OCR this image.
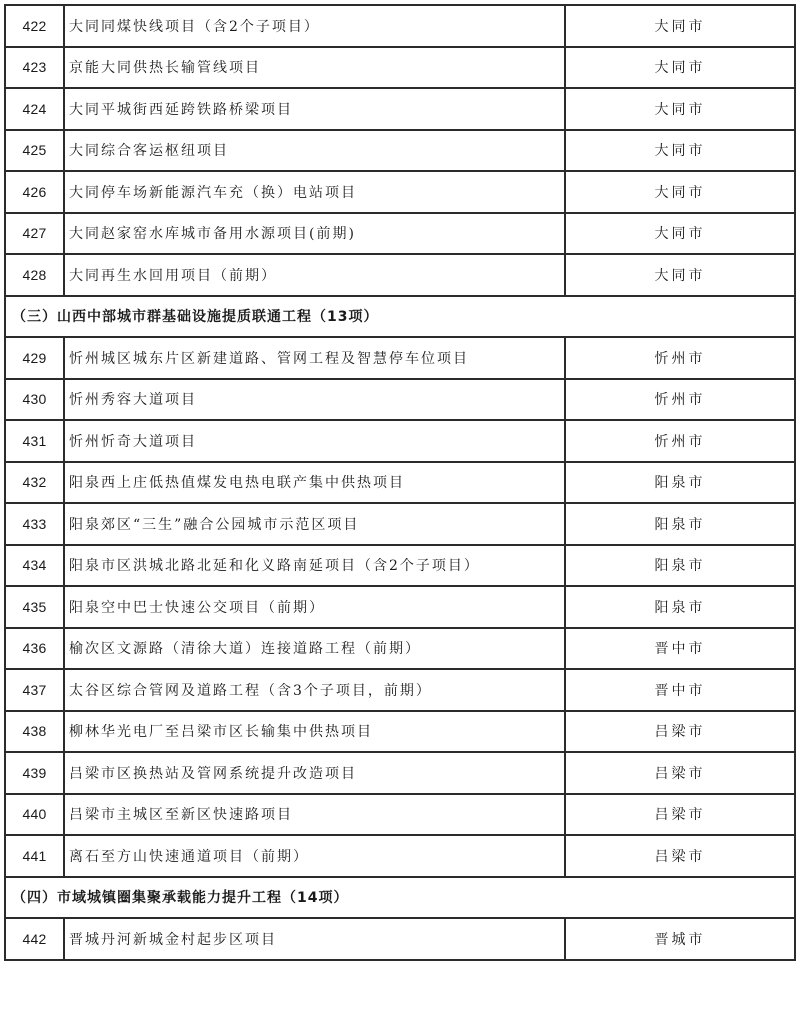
422	大同同煤快线项目（含2个子项目）	大同市
423	京能大同供热长输管线项目	大同市
424	大同平城街西延跨铁路桥梁项目	大同市
425	大同综合客运枢纽项目	大同市
426	大同停车场新能源汽车充（换）电站项目	大同市
427	大同赵家窑水库城市备用水源项目(前期)	大同市
428	大同再生水回用项目（前期）	大同市
（三）山西中部城市群基础设施提质联通工程（13项）		
429	忻州城区城东片区新建道路、管网工程及智慧停车位项目	忻州市
430	忻州秀容大道项目	忻州市
431	忻州忻奇大道项目	忻州市
432	阳泉西上庄低热值煤发电热电联产集中供热项目	阳泉市
433	阳泉郊区“三生”融合公园城市示范区项目	阳泉市
434	阳泉市区洪城北路北延和化义路南延项目（含2个子项目）	阳泉市
435	阳泉空中巴士快速公交项目（前期）	阳泉市
436	榆次区文源路（清徐大道）连接道路工程（前期）	晋中市
437	太谷区综合管网及道路工程（含3个子项目，前期）	晋中市
438	柳林华光电厂至吕梁市区长输集中供热项目	吕梁市
439	吕梁市区换热站及管网系统提升改造项目	吕梁市
440	吕梁市主城区至新区快速路项目	吕梁市
441	离石至方山快速通道项目（前期）	吕梁市
（四）市域城镇圈集聚承载能力提升工程（14项）		
442	晋城丹河新城金村起步区项目	晋城市
